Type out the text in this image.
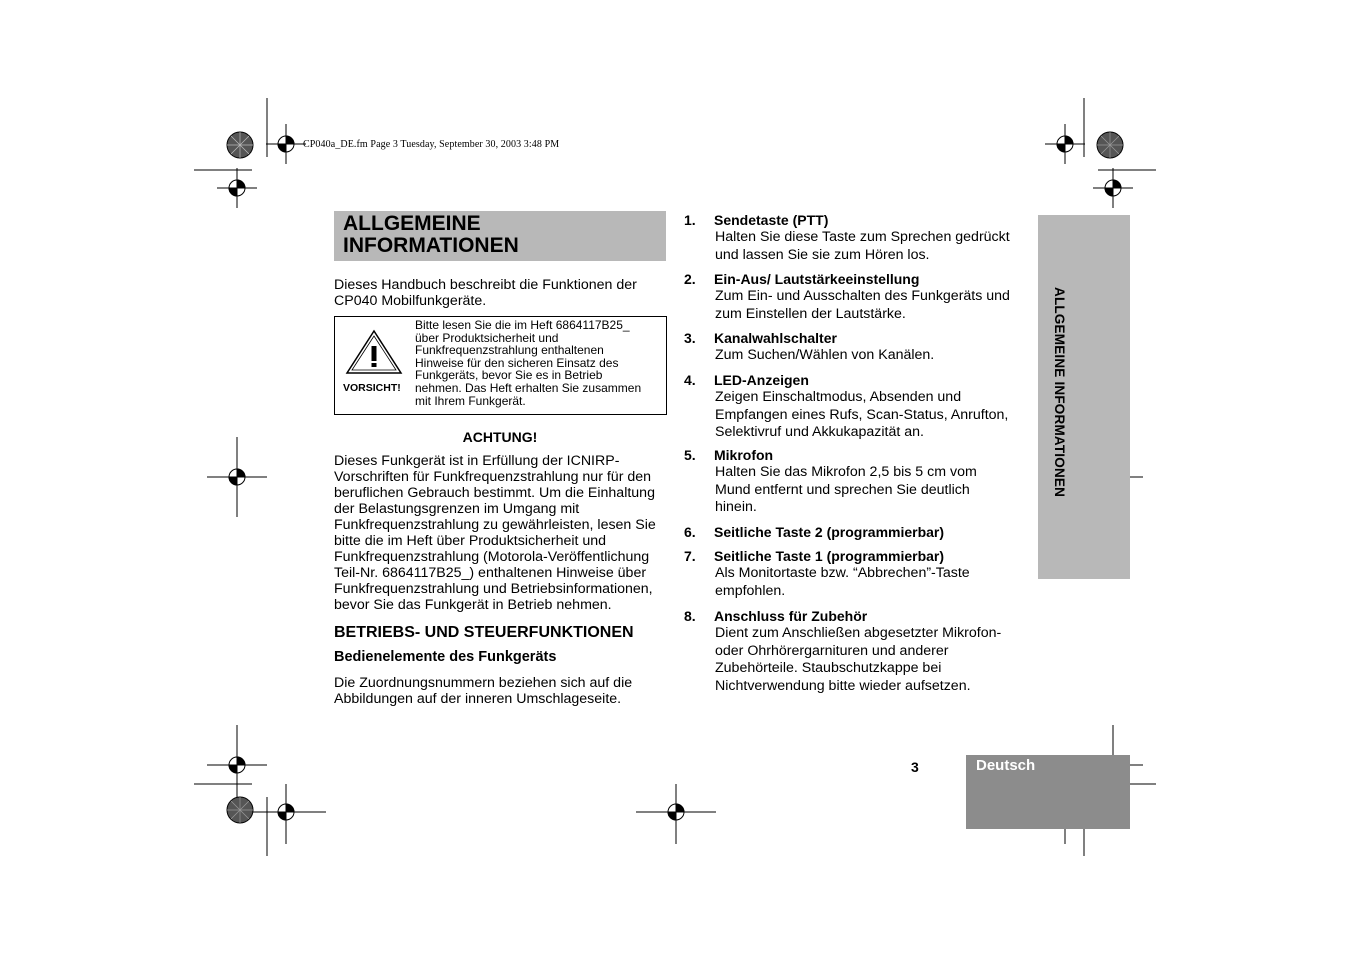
CP040a_DE.fm Page 3 Tuesday, September 30, 2003 3:48 PM
ALLGEMEINE
INFORMATIONEN
Dieses Handbuch beschreibt die Funktionen der
CP040 Mobilfunkgeräte.
VORSICHT!
Bitte lesen Sie die im Heft 6864117B25_
über Produktsicherheit und
Funkfrequenzstrahlung enthaltenen
Hinweise für den sicheren Einsatz des
Funkgeräts, bevor Sie es in Betrieb
nehmen. Das Heft erhalten Sie zusammen
mit Ihrem Funkgerät.
ACHTUNG!
Dieses Funkgerät ist in Erfüllung der ICNIRP-
Vorschriften für Funkfrequenzstrahlung nur für den
beruflichen Gebrauch bestimmt. Um die Einhaltung
der Belastungsgrenzen im Umgang mit
Funkfrequenzstrahlung zu gewährleisten, lesen Sie
bitte die im Heft über Produktsicherheit und
Funkfrequenzstrahlung (Motorola-Veröffentlichung
Teil-Nr. 6864117B25_) enthaltenen Hinweise über
Funkfrequenzstrahlung und Betriebsinformationen,
bevor Sie das Funkgerät in Betrieb nehmen.
BETRIEBS- UND STEUERFUNKTIONEN
Bedienelemente des Funkgeräts
Die Zuordnungsnummern beziehen sich auf die
Abbildungen auf der inneren Umschlageseite.
1. Sendetaste (PTT)
Halten Sie diese Taste zum Sprechen gedrückt
und lassen Sie sie zum Hören los.
2. Ein-Aus/ Lautstärkeeinstellung
Zum Ein- und Ausschalten des Funkgeräts und
zum Einstellen der Lautstärke.
3. Kanalwahlschalter
Zum Suchen/Wählen von Kanälen.
4. LED-Anzeigen
Zeigen Einschaltmodus, Absenden und
Empfangen eines Rufs, Scan-Status, Anrufton,
Selektivruf und Akkukapazität an.
5. Mikrofon
Halten Sie das Mikrofon 2,5 bis 5 cm vom
Mund entfernt und sprechen Sie deutlich
hinein.
6. Seitliche Taste 2 (programmierbar)
7. Seitliche Taste 1 (programmierbar)
Als Monitortaste bzw. “Abbrechen”-Taste
empfohlen.
8. Anschluss für Zubehör
Dient zum Anschließen abgesetzter Mikrofon-
oder Ohrhörergarnituren und anderer
Zubehörteile. Staubschutzkappe bei
Nichtverwendung bitte wieder aufsetzen.
ALLGEMEINE INFORMATIONEN
3	Deutsch
